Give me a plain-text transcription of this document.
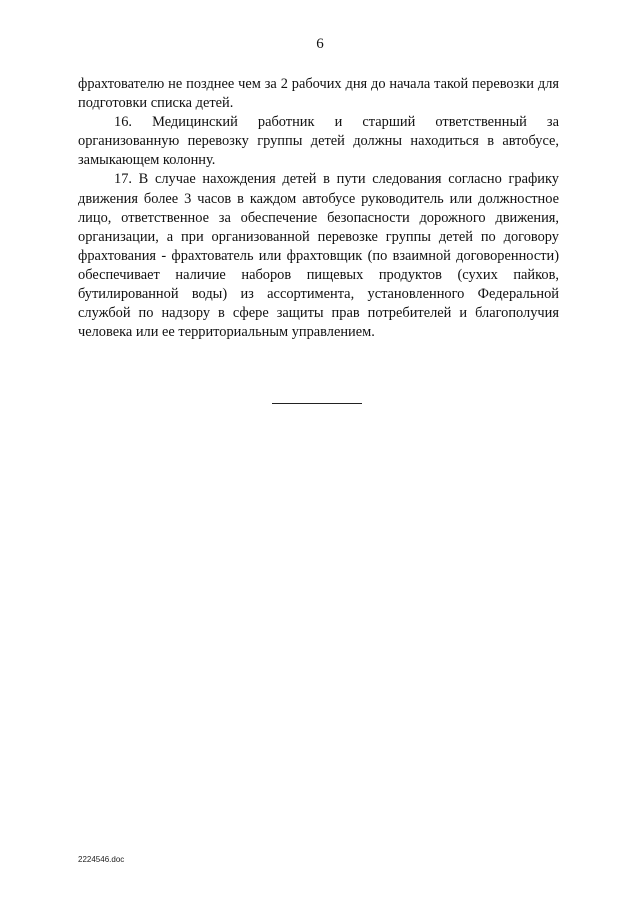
6

фрахтователю не позднее чем за 2 рабочих дня до начала такой перевозки для подготовки списка детей.

16. Медицинский работник и старший ответственный за организованную перевозку группы детей должны находиться в автобусе, замыкающем колонну.

17. В случае нахождения детей в пути следования согласно графику движения более 3 часов в каждом автобусе руководитель или должностное лицо, ответственное за обеспечение безопасности дорожного движения, организации, а при организованной перевозке группы детей по договору фрахтования - фрахтователь или фрахтовщик (по взаимной договоренности) обеспечивает наличие наборов пищевых продуктов (сухих пайков, бутилированной воды) из ассортимента, установленного Федеральной службой по надзору в сфере защиты прав потребителей и благополучия человека или ее территориальным управлением.

2224546.doc
